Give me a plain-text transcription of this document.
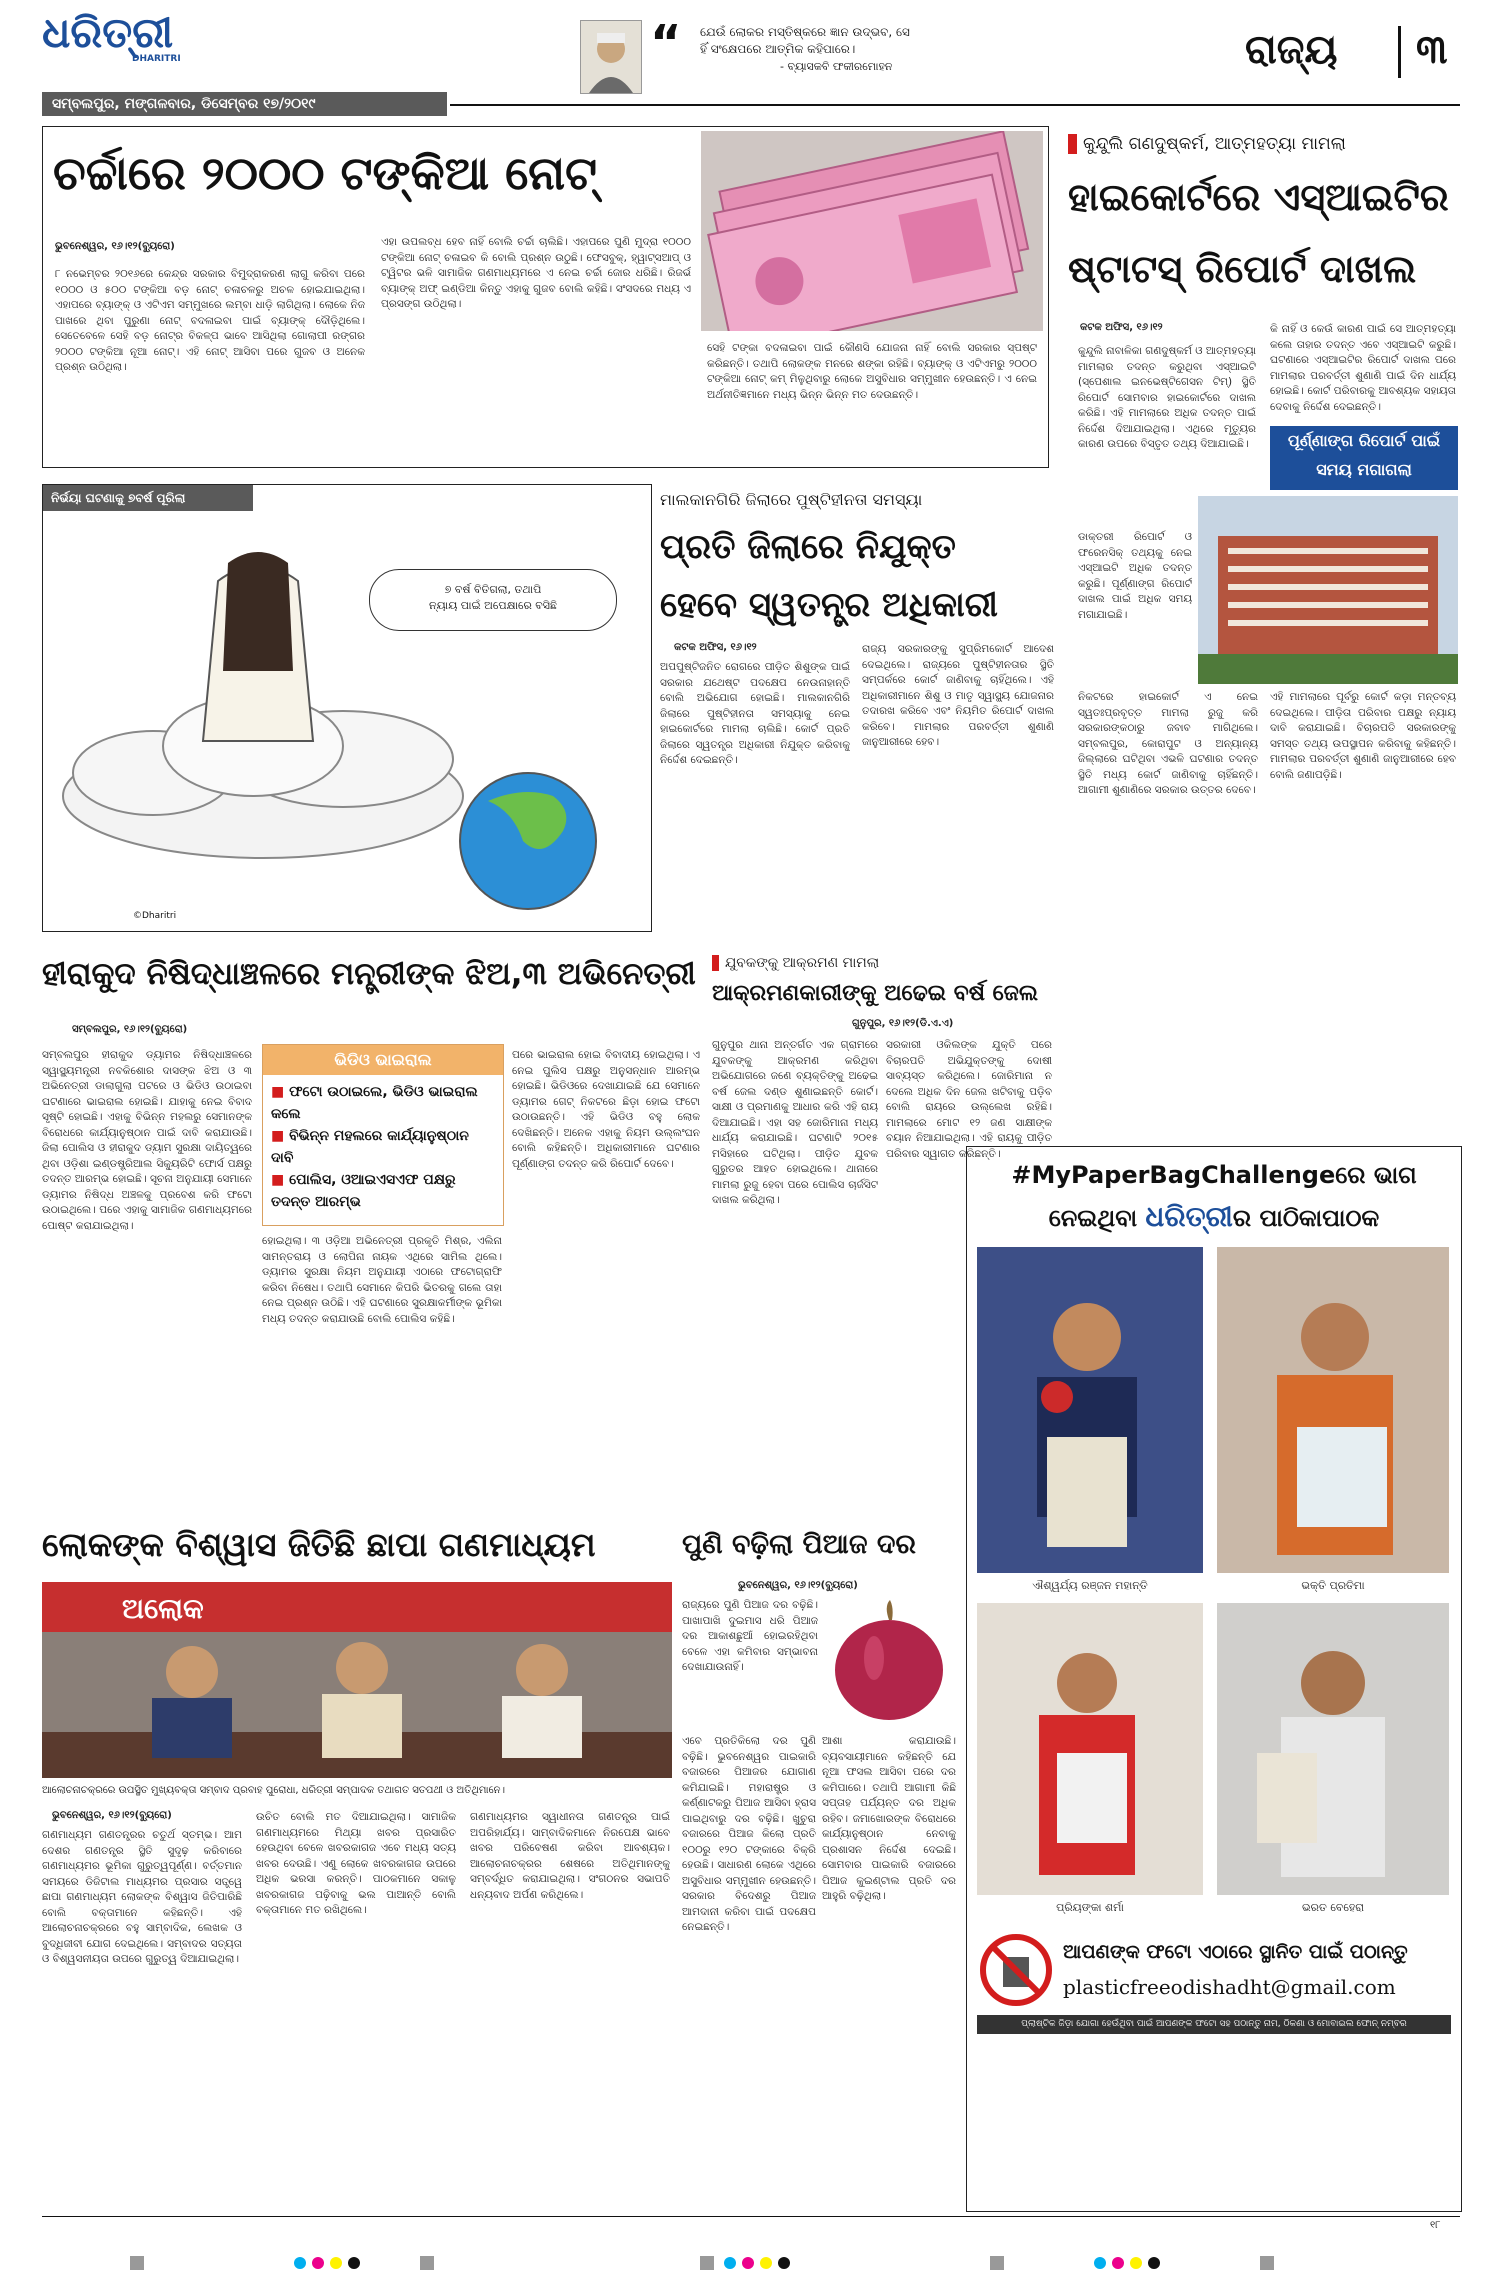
ଧରିତ୍ରୀ
DHARITRI
ସମ୍ବଲପୁର, ମଙ୍ଗଳବାର, ଡିସେମ୍ବର ୧୭/୨୦୧୯
“ ଯେଉଁ ଲୋକର ମସ୍ତିଷ୍କରେ ଜ୍ଞାନ ଉଦ୍ଭବ, ସେ
ହିଁ ସଂକ୍ଷେପରେ ଆତ୍ମିକ କହିପାରେ।
- ବ୍ୟାସକବି ଫକୀରମୋହନ	ରାଜ୍ୟ ୩
ଚର୍ଚ୍ଚାରେ ୨୦୦୦ ଟଙ୍କିଆ ନୋଟ୍
ଭୁବନେଶ୍ୱର, ୧୬।୧୨(ବ୍ୟୁରୋ)
୮ ନଭେମ୍ବର ୨୦୧୬ରେ କେନ୍ଦ୍ର ସରକାର ବିମୁଦ୍ରାକରଣ ଲାଗୁ କରିବା ପରେ ୧୦୦୦ ଓ ୫୦୦ ଟଙ୍କିଆ ବଡ଼ ନୋଟ୍ ଚଳାଚଳରୁ ଅଚଳ ହୋଇଯାଇଥିଲା। ଏହାପରେ ବ୍ୟାଙ୍କ୍ ଓ ଏଟିଏମ ସମ୍ମୁଖରେ ଲମ୍ବା ଧାଡ଼ି ଲାଗିଥିଲା। ଲୋକେ ନିଜ ପାଖରେ ଥିବା ପୁରୁଣା ନୋଟ୍ ବଦଳାଇବା ପାଇଁ ବ୍ୟାଙ୍କ୍ ଦୌଡ଼ିଥିଲେ। ସେତେବେଳେ ସେହି ବଡ଼ ନୋଟ୍ର ବିକଳ୍ପ ଭାବେ ଆସିଥିଲା ଗୋଲାପୀ ରଙ୍ଗର ୨୦୦୦ ଟଙ୍କିଆ ନୂଆ ନୋଟ୍। ଏହି ନୋଟ୍ ଆସିବା ପରେ ଗୁଜବ ଓ ଅନେକ ପ୍ରଶ୍ନ ଉଠିଥିଲା।
ଏହା ଉପଲବ୍ଧ ହେବ ନାହିଁ ବୋଲି ଚର୍ଚ୍ଚା ଚାଲିଛି। ଏହାପରେ ପୁଣି ମୁଦ୍ରା ୧୦୦୦ ଟଙ୍କିଆ ନୋଟ୍ ଚଳାଇବ କି ବୋଲି ପ୍ରଶ୍ନ ଉଠୁଛି। ଫେସବୁକ୍, ହ୍ୱାଟ୍ସଆପ୍ ଓ ଟ୍ୱିଟର ଭଳି ସାମାଜିକ ଗଣମାଧ୍ୟମରେ ଏ ନେଇ ଚର୍ଚ୍ଚା ଜୋର ଧରିଛି। ରିଜର୍ଭ ବ୍ୟାଙ୍କ୍ ଅଫ୍ ଇଣ୍ଡିଆ କିନ୍ତୁ ଏହାକୁ ଗୁଜବ ବୋଲି କହିଛି। ସଂସଦରେ ମଧ୍ୟ ଏ ପ୍ରସଙ୍ଗ ଉଠିଥିଲା।
ସେହି ଟଙ୍କା ବଦଳାଇବା ପାଇଁ କୌଣସି ଯୋଜନା ନାହିଁ ବୋଲି ସରକାର ସ୍ପଷ୍ଟ କରିଛନ୍ତି। ତଥାପି ଲୋକଙ୍କ ମନରେ ଶଙ୍କା ରହିଛି। ବ୍ୟାଙ୍କ୍ ଓ ଏଟିଏମରୁ ୨୦୦୦ ଟଙ୍କିଆ ନୋଟ୍ କମ୍ ମିଳୁଥିବାରୁ ଲୋକେ ଅସୁବିଧାର ସମ୍ମୁଖୀନ ହେଉଛନ୍ତି। ଏ ନେଇ ଅର୍ଥନୀତିଜ୍ଞମାନେ ମଧ୍ୟ ଭିନ୍ନ ଭିନ୍ନ ମତ ଦେଉଛନ୍ତି।
କୁନ୍ଦୁଲି ଗଣଦୁଷ୍କର୍ମ, ଆତ୍ମହତ୍ୟା ମାମଲା
ହାଇକୋର୍ଟରେ ଏସ୍ଆଇଟିର
ଷ୍ଟାଟସ୍ ରିପୋର୍ଟ ଦାଖଲ
କଟକ ଅଫିସ, ୧୬।୧୨
କୁନ୍ଦୁଲି ନାବାଳିକା ଗଣଦୁଷ୍କର୍ମ ଓ ଆତ୍ମହତ୍ୟା ମାମଲାର ତଦନ୍ତ କରୁଥିବା ଏସ୍ଆଇଟି (ସ୍ପେଶାଲ ଇନଭେଷ୍ଟିଗେସନ ଟିମ୍) ସ୍ଥିତି ରିପୋର୍ଟ ସୋମବାର ହାଇକୋର୍ଟରେ ଦାଖଲ କରିଛି। ଏହି ମାମଲାରେ ଅଧିକ ତଦନ୍ତ ପାଇଁ ନିର୍ଦ୍ଦେଶ ଦିଆଯାଇଥିଲା। ଏଥିରେ ମୃତ୍ୟୁର କାରଣ ଉପରେ ବିସ୍ତୃତ ତଥ୍ୟ ଦିଆଯାଇଛି।
କି ନାହିଁ ଓ କେଉଁ କାରଣ ପାଇଁ ସେ ଆତ୍ମହତ୍ୟା କଲେ ତାହାର ତଦନ୍ତ ଏବେ ଏସ୍ଆଇଟି କରୁଛି। ଘଟଣାରେ ଏସ୍ଆଇଟିର ରିପୋର୍ଟ ଦାଖଲ ପରେ ମାମଲାର ପରବର୍ତ୍ତୀ ଶୁଣାଣି ପାଇଁ ଦିନ ଧାର୍ଯ୍ୟ ହୋଇଛି। କୋର୍ଟ ପରିବାରକୁ ଆବଶ୍ୟକ ସହାୟତା ଦେବାକୁ ନିର୍ଦ୍ଦେଶ ଦେଇଛନ୍ତି।
ପୂର୍ଣ୍ଣାଙ୍ଗ ରିପୋର୍ଟ ପାଇଁ
ସମୟ ମଗାଗଲା
ଡାକ୍ତରୀ ରିପୋର୍ଟ ଓ ଫରେନସିକ୍ ତଥ୍ୟକୁ ନେଇ ଏସ୍ଆଇଟି ଅଧିକ ତଦନ୍ତ କରୁଛି। ପୂର୍ଣ୍ଣାଙ୍ଗ ରିପୋର୍ଟ ଦାଖଲ ପାଇଁ ଅଧିକ ସମୟ ମଗାଯାଇଛି।
ନିକଟରେ ହାଇକୋର୍ଟ ଏ ନେଇ ସ୍ୱତଃପ୍ରବୃତ୍ତ ମାମଲା ରୁଜୁ କରି ସରକାରଙ୍କଠାରୁ ଜବାବ ମାଗିଥିଲେ। ସମ୍ବଲପୁର, କୋରାପୁଟ ଓ ଅନ୍ୟାନ୍ୟ ଜିଲ୍ଲାରେ ଘଟିଥିବା ଏଭଳି ଘଟଣାର ତଦନ୍ତ ସ୍ଥିତି ମଧ୍ୟ କୋର୍ଟ ଜାଣିବାକୁ ଚାହିଁଛନ୍ତି। ଆଗାମୀ ଶୁଣାଣିରେ ସରକାର ଉତ୍ତର ଦେବେ।
ଏହି ମାମଲାରେ ପୂର୍ବରୁ କୋର୍ଟ କଡ଼ା ମନ୍ତବ୍ୟ ଦେଇଥିଲେ। ପୀଡ଼ିତା ପରିବାର ପକ୍ଷରୁ ନ୍ୟାୟ ଦାବି କରାଯାଇଛି। ବିଚାରପତି ସରକାରଙ୍କୁ ସମସ୍ତ ତଥ୍ୟ ଉପସ୍ଥାପନ କରିବାକୁ କହିଛନ୍ତି। ମାମଲାର ପରବର୍ତ୍ତୀ ଶୁଣାଣି ଜାନୁଆରୀରେ ହେବ ବୋଲି ଜଣାପଡ଼ିଛି।
ନିର୍ଭୟା ଘଟଣାକୁ ୭ବର୍ଷ ପୂରିଲା
୭ ବର୍ଷ ବିତିଗଲା, ତଥାପି
ନ୍ୟାୟ ପାଇଁ ଅପେକ୍ଷାରେ ବସିଛି
©Dharitri
ମାଲକାନଗିରି ଜିଲାରେ ପୁଷ୍ଟିହୀନତା ସମସ୍ୟା
ପ୍ରତି ଜିଲାରେ ନିଯୁକ୍ତ
ହେବେ ସ୍ୱତନ୍ତ୍ର ଅଧିକାରୀ
କଟକ ଅଫିସ, ୧୬।୧୨
ଅପପୁଷ୍ଟିଜନିତ ରୋଗରେ ପୀଡ଼ିତ ଶିଶୁଙ୍କ ପାଇଁ ସରକାର ଯଥେଷ୍ଟ ପଦକ୍ଷେପ ନେଉନାହାନ୍ତି ବୋଲି ଅଭିଯୋଗ ହୋଇଛି। ମାଲକାନଗିରି ଜିଲାରେ ପୁଷ୍ଟିହୀନତା ସମସ୍ୟାକୁ ନେଇ ହାଇକୋର୍ଟରେ ମାମଲା ଚାଲିଛି। କୋର୍ଟ ପ୍ରତି ଜିଲାରେ ସ୍ୱତନ୍ତ୍ର ଅଧିକାରୀ ନିଯୁକ୍ତ କରିବାକୁ ନିର୍ଦ୍ଦେଶ ଦେଇଛନ୍ତି।
ରାଜ୍ୟ ସରକାରଙ୍କୁ ସୁପ୍ରିମକୋର୍ଟ ଆଦେଶ ଦେଇଥିଲେ। ରାଜ୍ୟରେ ପୁଷ୍ଟିହୀନତାର ସ୍ଥିତି ସମ୍ପର୍କରେ କୋର୍ଟ ଜାଣିବାକୁ ଚାହିଁଥିଲେ। ଏହି ଅଧିକାରୀମାନେ ଶିଶୁ ଓ ମାତୃ ସ୍ୱାସ୍ଥ୍ୟ ଯୋଜନାର ତଦାରଖ କରିବେ ଏବଂ ନିୟମିତ ରିପୋର୍ଟ ଦାଖଲ କରିବେ। ମାମଲାର ପରବର୍ତ୍ତୀ ଶୁଣାଣି ଜାନୁଆରୀରେ ହେବ।
ହୀରାକୁଦ ନିଷିଦ୍ଧାଞ୍ଚଳରେ ମନ୍ତ୍ରୀଙ୍କ ଝିଅ,୩ ଅଭିନେତ୍ରୀ
ସମ୍ବଲପୁର, ୧୬।୧୨(ବ୍ୟୁରୋ)
ଭିଡିଓ ଭାଇରାଲ
■ ଫଟୋ ଉଠାଇଲେ, ଭିଡିଓ ଭାଇରାଲ କଲେ
■ ବିଭିନ୍ନ ମହଲରେ କାର୍ଯ୍ୟାନୁଷ୍ଠାନ ଦାବି
■ ପୋଲିସ, ଓଆଇଏସଏଫ ପକ୍ଷରୁ ତଦନ୍ତ ଆରମ୍ଭ
ସମ୍ବଲପୁର ହୀରାକୁଦ ଡ୍ୟାମର ନିଷିଦ୍ଧାଞ୍ଚଳରେ ସ୍ୱାସ୍ଥ୍ୟମନ୍ତ୍ରୀ ନବକିଶୋର ଦାସଙ୍କ ଝିଅ ଓ ୩ ଅଭିନେତ୍ରୀ ଡାଲାଗୁଲା ପଟରେ ଓ ଭିଡିଓ ଉଠାଇବା ଘଟଣାରେ ଭାଇରାଲ ହୋଇଛି। ଯାହାକୁ ନେଇ ବିବାଦ ସୃଷ୍ଟି ହୋଇଛି। ଏହାକୁ ବିଭିନ୍ନ ମହଲରୁ ସେମାନଙ୍କ ବିରୋଧରେ କାର୍ଯ୍ୟାନୁଷ୍ଠାନ ପାଇଁ ଦାବି କରାଯାଉଛି। ଜିଲା ପୋଲିସ ଓ ହୀରାକୁଦ ଡ୍ୟାମ ସୁରକ୍ଷା ଦାୟିତ୍ୱରେ ଥିବା ଓଡ଼ିଶା ଇଣ୍ଡଷ୍ଟ୍ରିଆଲ ସିକ୍ୟୁରିଟି ଫୋର୍ସ ପକ୍ଷରୁ ତଦନ୍ତ ଆରମ୍ଭ ହୋଇଛି। ସୂଚନା ଅନୁଯାୟୀ ସେମାନେ ଡ୍ୟାମର ନିଷିଦ୍ଧ ଅଞ୍ଚଳକୁ ପ୍ରବେଶ କରି ଫଟୋ ଉଠାଇଥିଲେ। ପରେ ଏହାକୁ ସାମାଜିକ ଗଣମାଧ୍ୟମରେ ପୋଷ୍ଟ କରାଯାଇଥିଲା।
ହୋଇଥିଲା। ୩ ଓଡ଼ିଆ ଅଭିନେତ୍ରୀ ପ୍ରକୃତି ମିଶ୍ର, ଏଲିନା ସାମନ୍ତରାୟ ଓ ଲୋପିନା ନାୟକ ଏଥିରେ ସାମିଲ ଥିଲେ। ଡ୍ୟାମର ସୁରକ୍ଷା ନିୟମ ଅନୁଯାୟୀ ଏଠାରେ ଫଟୋଗ୍ରାଫି କରିବା ନିଷେଧ। ତଥାପି ସେମାନେ କିପରି ଭିତରକୁ ଗଲେ ତାହା ନେଇ ପ୍ରଶ୍ନ ଉଠିଛି। ଏହି ଘଟଣାରେ ସୁରକ୍ଷାକର୍ମୀଙ୍କ ଭୂମିକା ମଧ୍ୟ ତଦନ୍ତ କରାଯାଉଛି ବୋଲି ପୋଲିସ କହିଛି।
ପରେ ଭାଇରାଲ ହୋଇ ବିବାଦୀୟ ହୋଇଥିଲା। ଏ ନେଇ ପୁଲିସ ପକ୍ଷରୁ ଅନୁସନ୍ଧାନ ଆରମ୍ଭ ହୋଇଛି। ଭିଡିଓରେ ଦେଖାଯାଇଛି ଯେ ସେମାନେ ଡ୍ୟାମର ଗେଟ୍ ନିକଟରେ ଛିଡ଼ା ହୋଇ ଫଟୋ ଉଠାଉଛନ୍ତି। ଏହି ଭିଡିଓ ବହୁ ଲୋକ ଦେଖିଛନ୍ତି। ଅନେକ ଏହାକୁ ନିୟମ ଉଲ୍ଲଂଘନ ବୋଲି କହିଛନ୍ତି। ଅଧିକାରୀମାନେ ଘଟଣାର ପୂର୍ଣ୍ଣାଙ୍ଗ ତଦନ୍ତ କରି ରିପୋର୍ଟ ଦେବେ।
ଯୁବକଙ୍କୁ ଆକ୍ରମଣ ମାମଲା
ଆକ୍ରମଣକାରୀଙ୍କୁ ଅଢେଇ ବର୍ଷ ଜେଲ
ଗୁନୁପୁର, ୧୬।୧୨(ଡି.ଏ.ଏ)
ଗୁନୁପୁର ଥାନା ଅନ୍ତର୍ଗତ ଏକ ଗ୍ରାମରେ ଯୁବକଙ୍କୁ ଆକ୍ରମଣ କରିଥିବା ଅଭିଯୋଗରେ ଜଣେ ବ୍ୟକ୍ତିଙ୍କୁ ଅଢେଇ ବର୍ଷ ଜେଲ ଦଣ୍ଡ ଶୁଣାଇଛନ୍ତି କୋର୍ଟ। ସାକ୍ଷୀ ଓ ପ୍ରମାଣକୁ ଆଧାର କରି ଏହି ରାୟ ଦିଆଯାଇଛି। ଏହା ସହ ଜୋରିମାନା ମଧ୍ୟ ଧାର୍ଯ୍ୟ କରାଯାଇଛି। ଘଟଣାଟି ୨୦୧୫ ମସିହାରେ ଘଟିଥିଲା। ପୀଡ଼ିତ ଯୁବକ ଗୁରୁତର ଆହତ ହୋଇଥିଲେ। ଥାନାରେ ମାମଲା ରୁଜୁ ହେବା ପରେ ପୋଲିସ ଚାର୍ଜସିଟ ଦାଖଲ କରିଥିଲା।
ସରକାରୀ ଓକିଲଙ୍କ ଯୁକ୍ତି ପରେ ବିଚାରପତି ଅଭିଯୁକ୍ତଙ୍କୁ ଦୋଷୀ ସାବ୍ୟସ୍ତ କରିଥିଲେ। ଜୋରିମାନା ନ ଦେଲେ ଅଧିକ ଦିନ ଜେଲ ଖଟିବାକୁ ପଡ଼ିବ ବୋଲି ରାୟରେ ଉଲ୍ଲେଖ ରହିଛି। ମାମଲାରେ ମୋଟ ୧୨ ଜଣ ସାକ୍ଷୀଙ୍କ ବୟାନ ନିଆଯାଇଥିଲା। ଏହି ରାୟକୁ ପୀଡ଼ିତ ପରିବାର ସ୍ୱାଗତ କରିଛନ୍ତି।
#MyPaperBagChallengeରେ ଭାଗ
ନେଇଥିବା ଧରିତ୍ରୀର ପାଠିକାପାଠକ
ଐଶ୍ୱର୍ଯ୍ୟ ରଞ୍ଜନ ମହାନ୍ତି	ଭକ୍ତି ପ୍ରତିମା
ପ୍ରିୟଙ୍କା ଶର୍ମା	ଭରତ ବେହେରା
ଆପଣଙ୍କ ଫଟୋ ଏଠାରେ ସ୍ଥାନିତ ପାଇଁ ପଠାନ୍ତୁ
plasticfreeodishadht@gmail.com
ପ୍ଲାଷ୍ଟିକ ଜିଡ଼ା ଯୋଗା ହେଉଁଥିବା ପାଇଁ ଆପଣଙ୍କ ଫଟୋ ସହ ପଠାନ୍ତୁ ନାମ, ଠିକଣା ଓ ମୋବାଇଲ ଫୋନ୍ ନମ୍ବର
ଲୋକଙ୍କ ବିଶ୍ୱାସ ଜିତିଛି ଛାପା ଗଣମାଧ୍ୟମ
ଅଲୋକ
ଆଲୋଚନାଚକ୍ରରେ ଉପସ୍ଥିତ ମୁଖ୍ୟବକ୍ତା ସମ୍ବାଦ ପ୍ରବାହ ପୁରୋଧା, ଧରିତ୍ରୀ ସମ୍ପାଦକ ତଥାଗତ ସତପଥୀ ଓ ଅତିଥିମାନେ।
ଭୁବନେଶ୍ୱର, ୧୬।୧୨(ବ୍ୟୁରୋ)
ଗଣମାଧ୍ୟମ ଗଣତନ୍ତ୍ରର ଚତୁର୍ଥ ସ୍ତମ୍ଭ। ଆମ ଦେଶର ଗଣତନ୍ତ୍ର ସ୍ଥିତି ସୁଦୃଢ଼ କରିବାରେ ଗଣମାଧ୍ୟମର ଭୂମିକା ଗୁରୁତ୍ୱପୂର୍ଣ୍ଣ। ବର୍ତ୍ତମାନ ସମୟରେ ଡିଜିଟାଲ ମାଧ୍ୟମର ପ୍ରସାର ସତ୍ତ୍ୱେ ଛାପା ଗଣମାଧ୍ୟମ ଲୋକଙ୍କ ବିଶ୍ୱାସ ଜିତିପାରିଛି ବୋଲି ବକ୍ତାମାନେ କହିଛନ୍ତି। ଏହି ଆଲୋଚନାଚକ୍ରରେ ବହୁ ସାମ୍ବାଦିକ, ଲେଖକ ଓ ବୁଦ୍ଧିଜୀବୀ ଯୋଗ ଦେଇଥିଲେ। ସମ୍ବାଦର ସତ୍ୟତା ଓ ବିଶ୍ୱସନୀୟତା ଉପରେ ଗୁରୁତ୍ୱ ଦିଆଯାଇଥିଲା।
ଉଚିତ ବୋଲି ମତ ଦିଆଯାଇଥିଲା। ସାମାଜିକ ଗଣମାଧ୍ୟମରେ ମିଥ୍ୟା ଖବର ପ୍ରସାରିତ ହେଉଥିବା ବେଳେ ଖବରକାଗଜ ଏବେ ମଧ୍ୟ ସତ୍ୟ ଖବର ଦେଉଛି। ଏଣୁ ଲୋକେ ଖବରକାଗଜ ଉପରେ ଅଧିକ ଭରସା କରନ୍ତି। ପାଠକମାନେ ସକାଳୁ ଖବରକାଗଜ ପଢ଼ିବାକୁ ଭଲ ପାଆନ୍ତି ବୋଲି ବକ୍ତାମାନେ ମତ ରଖିଥିଲେ।
ଗଣମାଧ୍ୟମର ସ୍ୱାଧୀନତା ଗଣତନ୍ତ୍ର ପାଇଁ ଅପରିହାର୍ଯ୍ୟ। ସାମ୍ବାଦିକମାନେ ନିରପେକ୍ଷ ଭାବେ ଖବର ପରିବେଷଣ କରିବା ଆବଶ୍ୟକ। ଆଲୋଚନାଚକ୍ରର ଶେଷରେ ଅତିଥିମାନଙ୍କୁ ସମ୍ବର୍ଦ୍ଧିତ କରାଯାଇଥିଲା। ସଂଗଠନର ସଭାପତି ଧନ୍ୟବାଦ ଅର୍ପଣ କରିଥିଲେ।
ପୁଣି ବଢ଼ିଲା ପିଆଜ ଦର
ଭୁବନେଶ୍ୱର, ୧୬।୧୨(ବ୍ୟୁରୋ)
ରାଜ୍ୟରେ ପୁଣି ପିଆଜ ଦର ବଢ଼ିଛି। ପାଖାପାଖି ଦୁଇମାସ ଧରି ପିଆଜ ଦର ଆକାଶଛୁଆଁ ହୋଇରହିଥିବା ବେଳେ ଏହା କମିବାର ସମ୍ଭାବନା ଦେଖାଯାଉନାହିଁ।
ଏବେ ପ୍ରତିକିଲୋ ଦର ପୁଣି ବଢ଼ିଛି। ଭୁବନେଶ୍ୱର ପାଇକାରି ବଜାରରେ ପିଆଜର ଯୋଗାଣ କମିଯାଇଛି। ମହାରାଷ୍ଟ୍ର ଓ କର୍ଣ୍ଣାଟକରୁ ପିଆଜ ଆସିବା ହ୍ରାସ ପାଇଥିବାରୁ ଦର ବଢ଼ିଛି। ଖୁଚୁରା ବଜାରରେ ପିଆଜ କିଲୋ ପ୍ରତି ୧୦୦ରୁ ୧୨୦ ଟଙ୍କାରେ ବିକ୍ରି ହେଉଛି। ସାଧାରଣ ଲୋକେ ଏଥିରେ ଅସୁବିଧାର ସମ୍ମୁଖୀନ ହେଉଛନ୍ତି। ସରକାର ବିଦେଶରୁ ପିଆଜ ଆମଦାନୀ କରିବା ପାଇଁ ପଦକ୍ଷେପ ନେଇଛନ୍ତି।
ଆଶା କରାଯାଉଛି। ବ୍ୟବସାୟୀମାନେ କହିଛନ୍ତି ଯେ ନୂଆ ଫସଲ ଆସିବା ପରେ ଦର କମିପାରେ। ତଥାପି ଆଗାମୀ କିଛି ସପ୍ତାହ ପର୍ଯ୍ୟନ୍ତ ଦର ଅଧିକ ରହିବ। ଜମାଖୋରଙ୍କ ବିରୋଧରେ କାର୍ଯ୍ୟାନୁଷ୍ଠାନ ନେବାକୁ ପ୍ରଶାସନ ନିର୍ଦ୍ଦେଶ ଦେଇଛି। ସୋମବାର ପାଇକାରି ବଜାରରେ ପିଆଜ କୁଇଣ୍ଟାଲ ପ୍ରତି ଦର ଆହୁରି ବଢ଼ିଥିଲା।
୧୮
